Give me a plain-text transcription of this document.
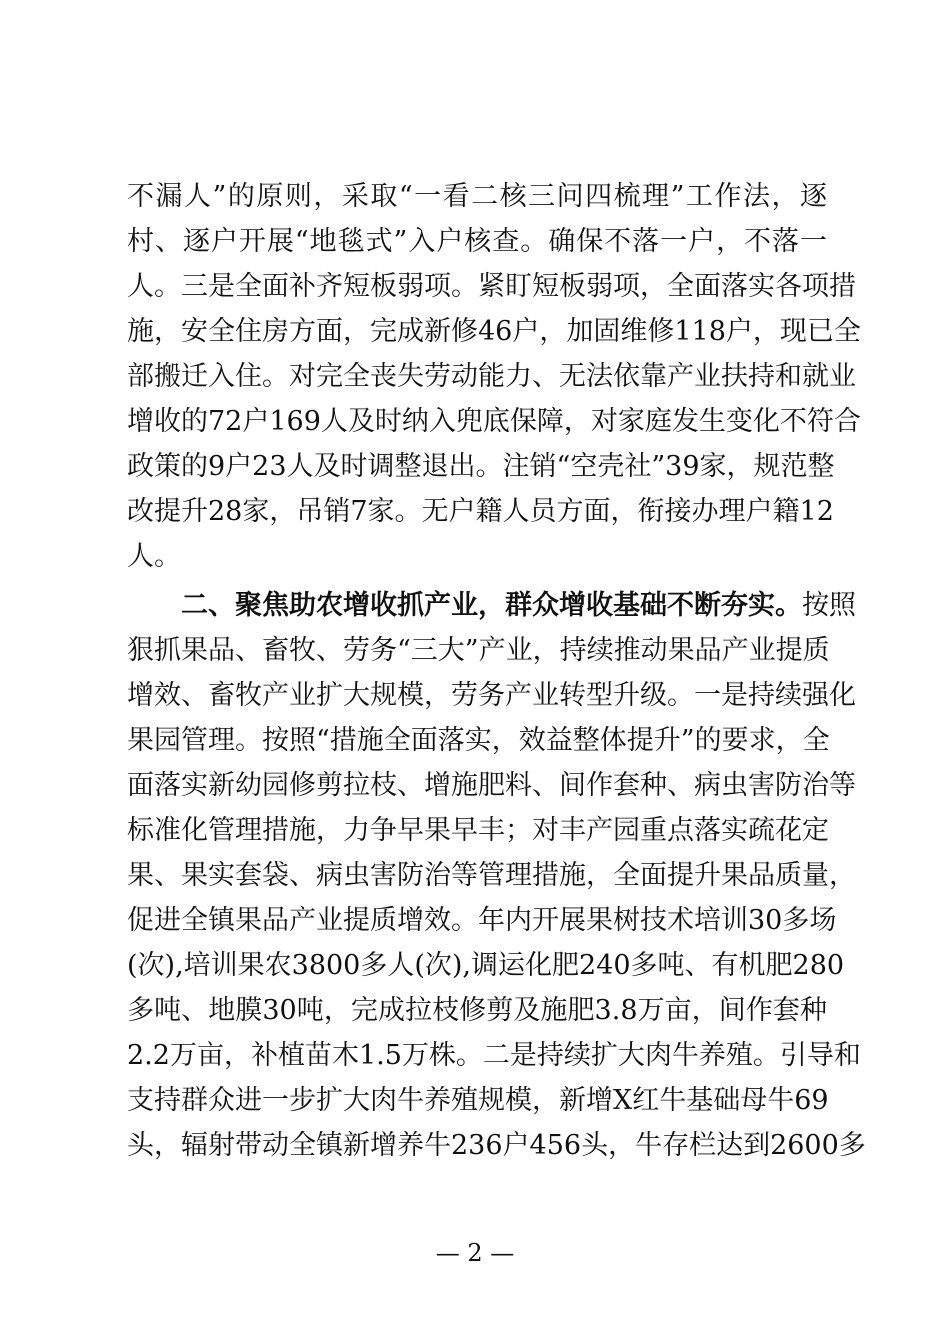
不漏人”的原则，采取“一看二核三问四梳理”工作法，逐
村、逐户开展“地毯式”入户核查。确保不落一户，不落一
人。三是全面补齐短板弱项。紧盯短板弱项，全面落实各项措
施，安全住房方面，完成新修46户，加固维修118户，现已全
部搬迁入住。对完全丧失劳动能力、无法依靠产业扶持和就业
增收的72户169人及时纳入兜底保障，对家庭发生变化不符合
政策的9户23人及时调整退出。注销“空壳社”39家，规范整
改提升28家，吊销7家。无户籍人员方面，衔接办理户籍12
人。

二、聚焦助农增收抓产业，群众增收基础不断夯实。按照
狠抓果品、畜牧、劳务“三大”产业，持续推动果品产业提质
增效、畜牧产业扩大规模，劳务产业转型升级。一是持续强化
果园管理。按照“措施全面落实，效益整体提升”的要求，全
面落实新幼园修剪拉枝、增施肥料、间作套种、病虫害防治等
标准化管理措施，力争早果早丰；对丰产园重点落实疏花定
果、果实套袋、病虫害防治等管理措施，全面提升果品质量，
促进全镇果品产业提质增效。年内开展果树技术培训30多场
(次),培训果农3800多人(次),调运化肥240多吨、有机肥280
多吨、地膜30吨，完成拉枝修剪及施肥3.8万亩，间作套种
2.2万亩，补植苗木1.5万株。二是持续扩大肉牛养殖。引导和
支持群众进一步扩大肉牛养殖规模，新增X红牛基础母牛69
头，辐射带动全镇新增养牛236户456头，牛存栏达到2600多

— 2 —
